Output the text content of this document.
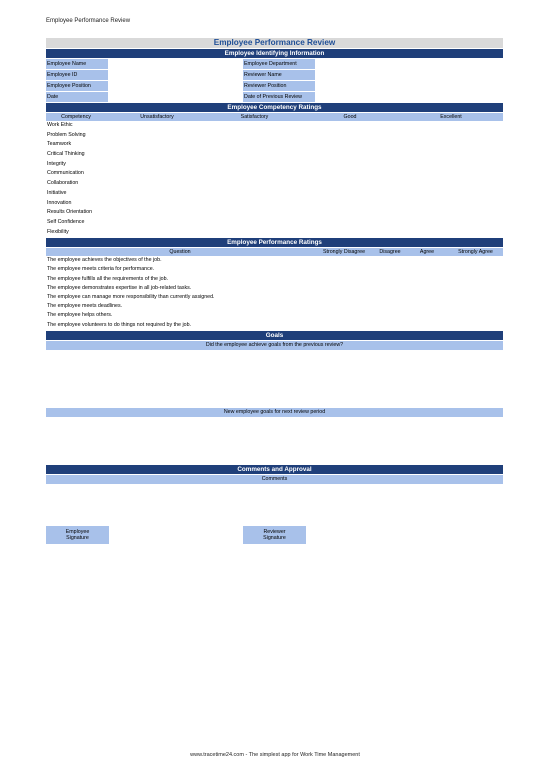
Employee Performance Review
Employee Performance Review
Employee Identifying Information
Employee Name	Employee Department
Employee ID	Reviewer Name
Employee Position	Reviewer Position
Date	Date of Previous Review
Employee Competency Ratings
Competency	Unsatisfactory	Satisfactory	Good	Excellent
Work Ethic
Problem Solving
Teamwork
Critical Thinking
Integrity
Communication
Collaboration
Initiative
Innovation
Results Orientation
Self Confidence
Flexibility
Employee Performance Ratings
Question	Strongly Disagree	Disagree	Agree	Strongly Agree
The employee achieves the objectives of the job.
The employee meets criteria for performance.
The employee fulfills all the requirements of the job.
The employee demonstrates expertise in all job-related tasks.
The employee can manage more responsibility than currently assigned.
The employee meets deadlines.
The employee helps others.
The employee volunteers to do things not required by the job.
Goals
Did the employee achieve goals from the previous review?
New employee goals for next review period
Comments and Approval
Comments
Employee
Signature
Reviewer
Signature
www.tracetime24.com - The simplest app for Work Time Management
